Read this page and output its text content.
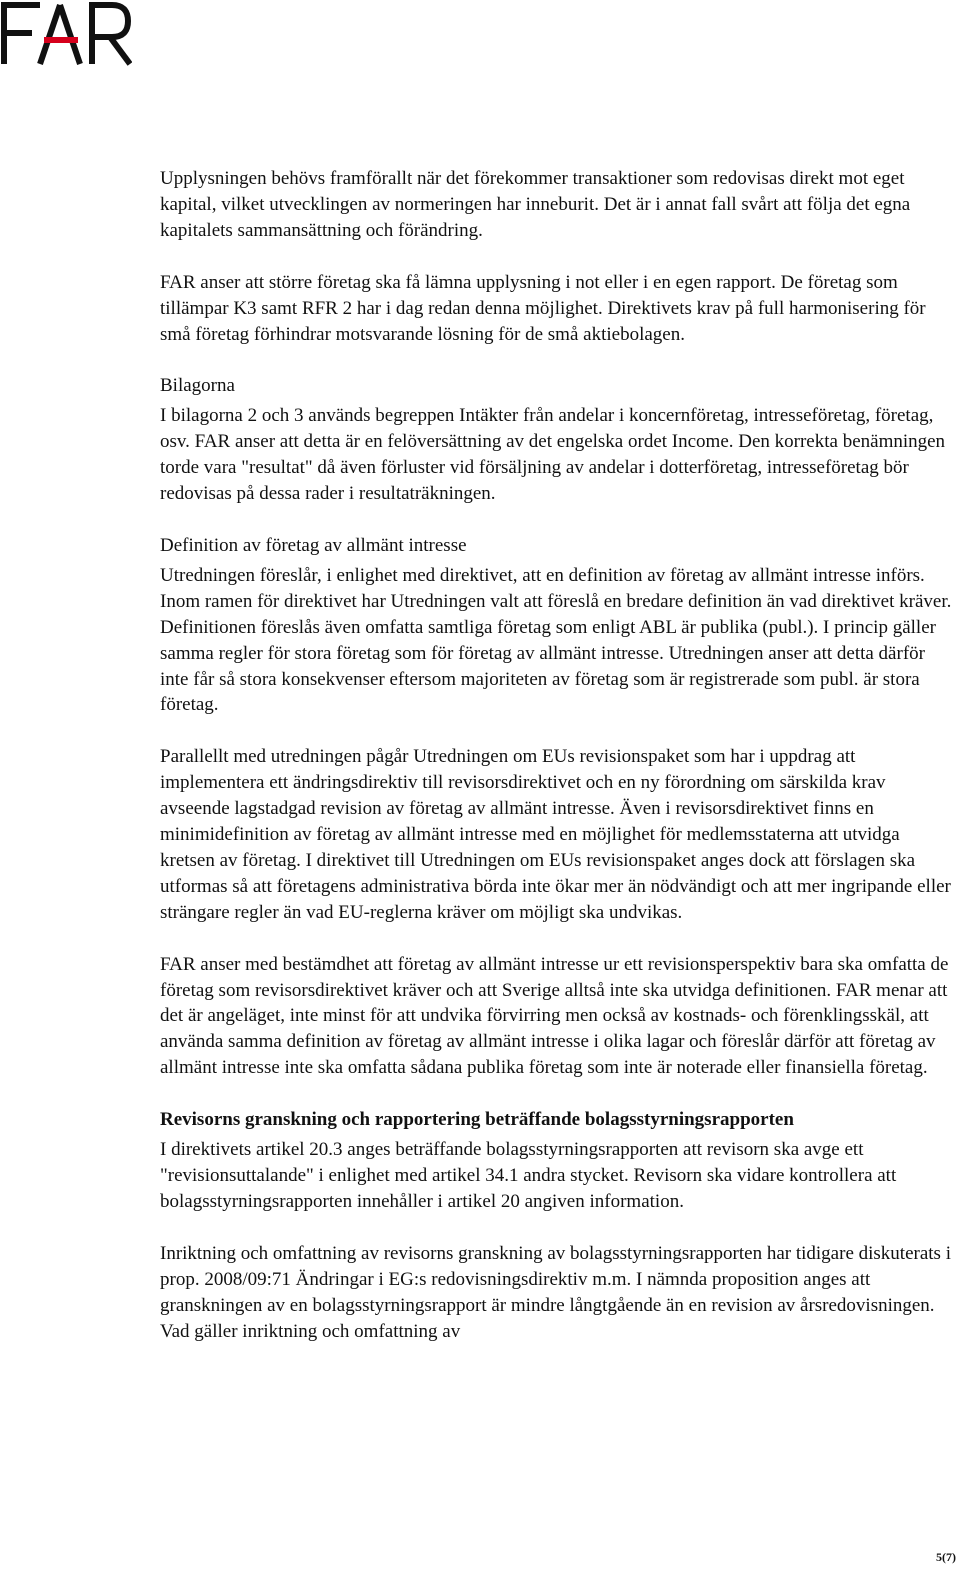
Upplysningen behövs framförallt när det förekommer transaktioner som redovisas direkt mot eget kapital, vilket utvecklingen av normeringen har inneburit. Det är i annat fall svårt att följa det egna kapitalets sammansättning och förändring.

FAR anser att större företag ska få lämna upplysning i not eller i en egen rapport. De företag som tillämpar K3 samt RFR 2 har i dag redan denna möjlighet. Direktivets krav på full harmonisering för små företag förhindrar motsvarande lösning för de små aktiebolagen.

Bilagorna

I bilagorna 2 och 3 används begreppen Intäkter från andelar i koncernföretag, intresseföretag, företag, osv. FAR anser att detta är en felöversättning av det engelska ordet Income. Den korrekta benämningen torde vara "resultat" då även förluster vid försäljning av andelar i dotterföretag, intresseföretag bör redovisas på dessa rader i resultaträkningen.

Definition av företag av allmänt intresse

Utredningen föreslår, i enlighet med direktivet, att en definition av företag av allmänt intresse införs. Inom ramen för direktivet har Utredningen valt att föreslå en bredare definition än vad direktivet kräver. Definitionen föreslås även omfatta samtliga företag som enligt ABL är publika (publ.). I princip gäller samma regler för stora företag som för företag av allmänt intresse. Utredningen anser att detta därför inte får så stora konsekvenser eftersom majoriteten av företag som är registrerade som publ. är stora företag.

Parallellt med utredningen pågår Utredningen om EUs revisionspaket som har i uppdrag att implementera ett ändringsdirektiv till revisorsdirektivet och en ny förordning om särskilda krav avseende lagstadgad revision av företag av allmänt intresse. Även i revisorsdirektivet finns en minimidefinition av företag av allmänt intresse med en möjlighet för medlemsstaterna att utvidga kretsen av företag. I direktivet till Utredningen om EUs revisionspaket anges dock att förslagen ska utformas så att företagens administrativa börda inte ökar mer än nödvändigt och att mer ingripande eller strängare regler än vad EU-reglerna kräver om möjligt ska undvikas.

FAR anser med bestämdhet att företag av allmänt intresse ur ett revisionsperspektiv bara ska omfatta de företag som revisorsdirektivet kräver och att Sverige alltså inte ska utvidga definitionen. FAR menar att det är angeläget, inte minst för att undvika förvirring men också av kostnads- och förenklingsskäl, att använda samma definition av företag av allmänt intresse i olika lagar och föreslår därför att företag av allmänt intresse inte ska omfatta sådana publika företag som inte är noterade eller finansiella företag.

Revisorns granskning och rapportering beträffande bolagsstyrningsrapporten

I direktivets artikel 20.3 anges beträffande bolagsstyrningsrapporten att revisorn ska avge ett "revisionsuttalande" i enlighet med artikel 34.1 andra stycket. Revisorn ska vidare kontrollera att bolagsstyrningsrapporten innehåller i artikel 20 angiven information.

Inriktning och omfattning av revisorns granskning av bolagsstyrningsrapporten har tidigare diskuterats i prop. 2008/09:71 Ändringar i EG:s redovisningsdirektiv m.m. I nämnda proposition anges att granskningen av en bolagsstyrningsrapport är mindre långtgående än en revision av årsredovisningen. Vad gäller inriktning och omfattning av

5(7)
